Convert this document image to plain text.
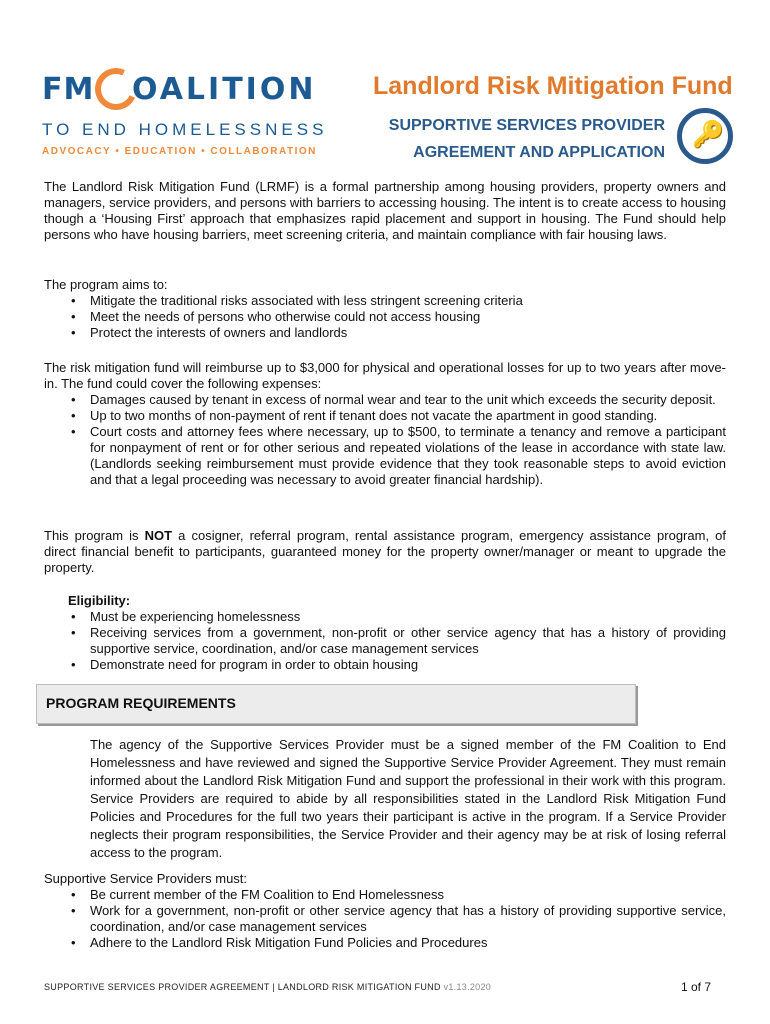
FM OALITION
TO END HOMELESSNESS
ADVOCACY • EDUCATION • COLLABORATION
Landlord Risk Mitigation Fund
SUPPORTIVE SERVICES PROVIDER
AGREEMENT AND APPLICATION
🔑

The Landlord Risk Mitigation Fund (LRMF) is a formal partnership among housing providers, property owners and managers, service providers, and persons with barriers to accessing housing. The intent is to create access to housing though a ‘Housing First’ approach that emphasizes rapid placement and support in housing. The Fund should help persons who have housing barriers, meet screening criteria, and maintain compliance with fair housing laws.

The program aims to:

• Mitigate the traditional risks associated with less stringent screening criteria
• Meet the needs of persons who otherwise could not access housing
• Protect the interests of owners and landlords

The risk mitigation fund will reimburse up to $3,000 for physical and operational losses for up to two years after move-in. The fund could cover the following expenses:

• Damages caused by tenant in excess of normal wear and tear to the unit which exceeds the security deposit.
• Up to two months of non-payment of rent if tenant does not vacate the apartment in good standing.
• Court costs and attorney fees where necessary, up to $500, to terminate a tenancy and remove a participant for nonpayment of rent or for other serious and repeated violations of the lease in accordance with state law. (Landlords seeking reimbursement must provide evidence that they took reasonable steps to avoid eviction and that a legal proceeding was necessary to avoid greater financial hardship).

This program is NOT a cosigner, referral program, rental assistance program, emergency assistance program, of direct financial benefit to participants, guaranteed money for the property owner/manager or meant to upgrade the property.

Eligibility:

• Must be experiencing homelessness
• Receiving services from a government, non-profit or other service agency that has a history of providing supportive service, coordination, and/or case management services
• Demonstrate need for program in order to obtain housing
PROGRAM REQUIREMENTS

The agency of the Supportive Services Provider must be a signed member of the FM Coalition to End Homelessness and have reviewed and signed the Supportive Service Provider Agreement. They must remain informed about the Landlord Risk Mitigation Fund and support the professional in their work with this program. Service Providers are required to abide by all responsibilities stated in the Landlord Risk Mitigation Fund Policies and Procedures for the full two years their participant is active in the program. If a Service Provider neglects their program responsibilities, the Service Provider and their agency may be at risk of losing referral access to the program.

Supportive Service Providers must:

• Be current member of the FM Coalition to End Homelessness
• Work for a government, non-profit or other service agency that has a history of providing supportive service, coordination, and/or case management services
• Adhere to the Landlord Risk Mitigation Fund Policies and Procedures
SUPPORTIVE SERVICES PROVIDER AGREEMENT | LANDLORD RISK MITIGATION FUND v1.13.2020	1 of 7
